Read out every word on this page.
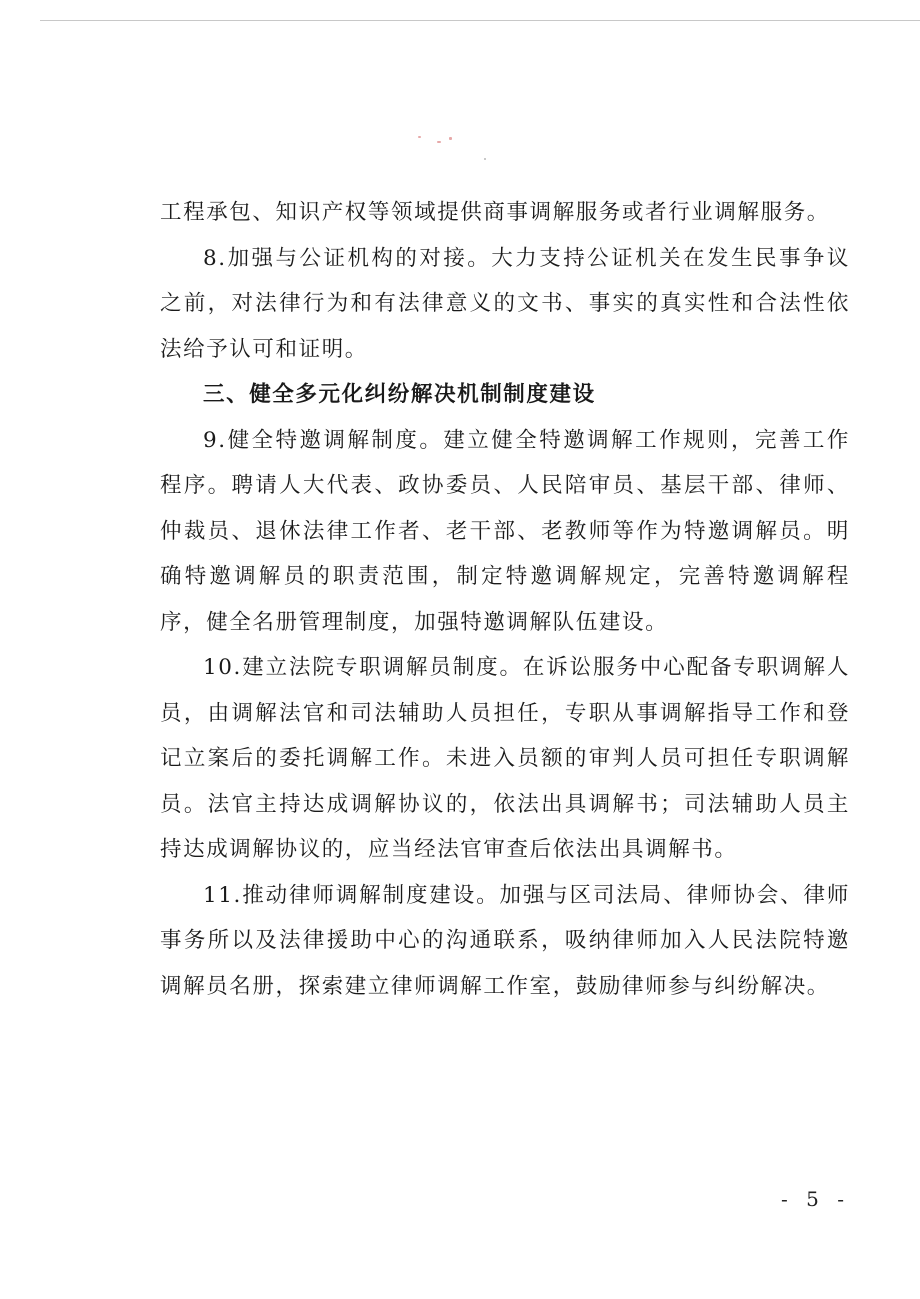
工程承包、知识产权等领域提供商事调解服务或者行业调解服务。

8.加强与公证机构的对接。大力支持公证机关在发生民事争议之前，对法律行为和有法律意义的文书、事实的真实性和合法性依法给予认可和证明。

三、健全多元化纠纷解决机制制度建设

9.健全特邀调解制度。建立健全特邀调解工作规则，完善工作程序。聘请人大代表、政协委员、人民陪审员、基层干部、律师、仲裁员、退休法律工作者、老干部、老教师等作为特邀调解员。明确特邀调解员的职责范围，制定特邀调解规定，完善特邀调解程序，健全名册管理制度，加强特邀调解队伍建设。

10.建立法院专职调解员制度。在诉讼服务中心配备专职调解人员，由调解法官和司法辅助人员担任，专职从事调解指导工作和登记立案后的委托调解工作。未进入员额的审判人员可担任专职调解员。法官主持达成调解协议的，依法出具调解书；司法辅助人员主持达成调解协议的，应当经法官审查后依法出具调解书。

11.推动律师调解制度建设。加强与区司法局、律师协会、律师事务所以及法律援助中心的沟通联系，吸纳律师加入人民法院特邀调解员名册，探索建立律师调解工作室，鼓励律师参与纠纷解决。

- 5 -
